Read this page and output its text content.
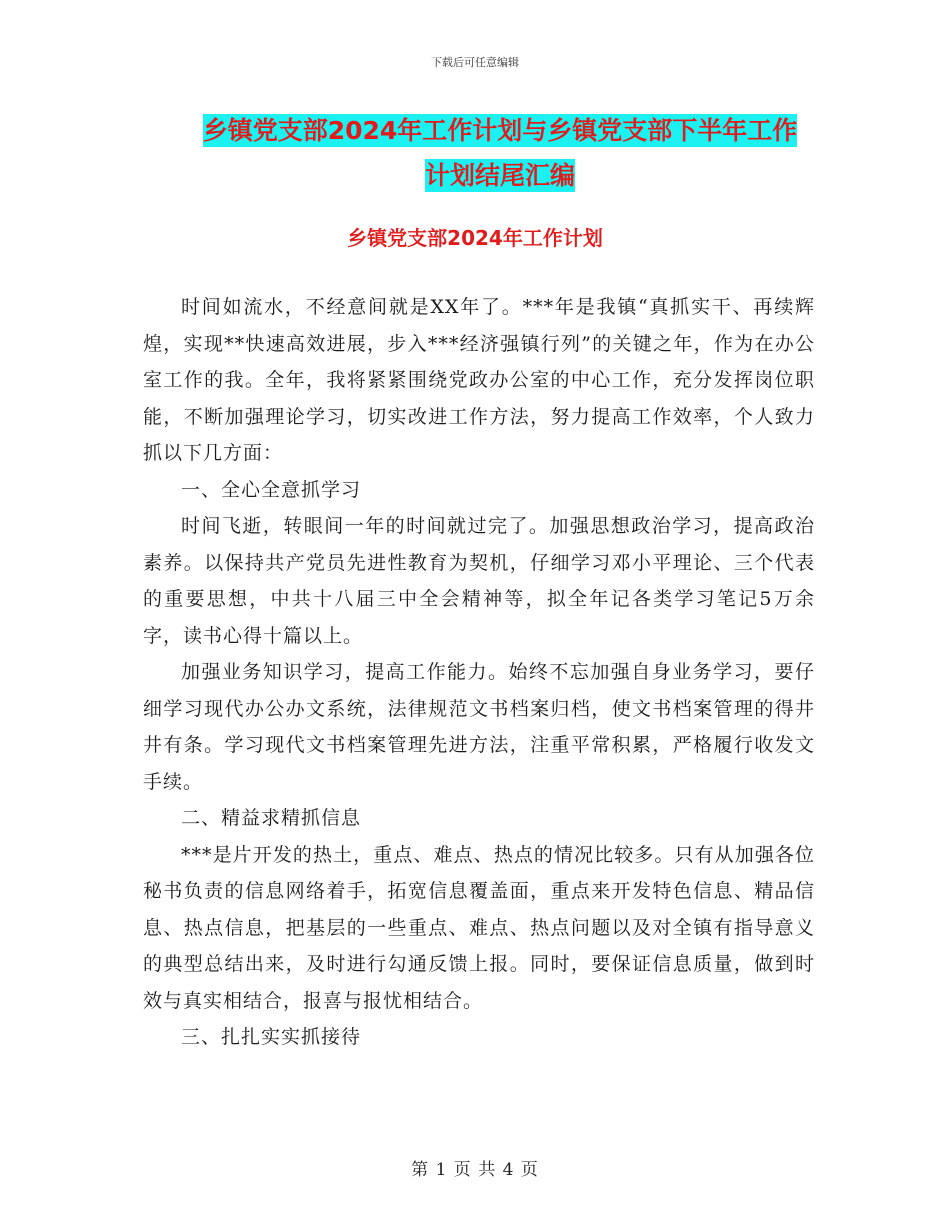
下载后可任意编辑
乡镇党支部2024年工作计划与乡镇党支部下半年工作
计划结尾汇编
乡镇党支部2024年工作计划

时间如流水，不经意间就是XX年了。***年是我镇“真抓实干、再续辉煌，实现**快速高效进展，步入***经济强镇行列”的关键之年，作为在办公室工作的我。全年，我将紧紧围绕党政办公室的中心工作，充分发挥岗位职能，不断加强理论学习，切实改进工作方法，努力提高工作效率，个人致力抓以下几方面：

一、全心全意抓学习

时间飞逝，转眼间一年的时间就过完了。加强思想政治学习，提高政治素养。以保持共产党员先进性教育为契机，仔细学习邓小平理论、三个代表的重要思想，中共十八届三中全会精神等，拟全年记各类学习笔记5万余字，读书心得十篇以上。

加强业务知识学习，提高工作能力。始终不忘加强自身业务学习，要仔细学习现代办公办文系统，法律规范文书档案归档，使文书档案管理的得井井有条。学习现代文书档案管理先进方法，注重平常积累，严格履行收发文手续。

二、精益求精抓信息

***是片开发的热土，重点、难点、热点的情况比较多。只有从加强各位秘书负责的信息网络着手，拓宽信息覆盖面，重点来开发特色信息、精品信息、热点信息，把基层的一些重点、难点、热点问题以及对全镇有指导意义的典型总结出来，及时进行勾通反馈上报。同时，要保证信息质量，做到时效与真实相结合，报喜与报忧相结合。

三、扎扎实实抓接待

第 1 页 共 4 页
